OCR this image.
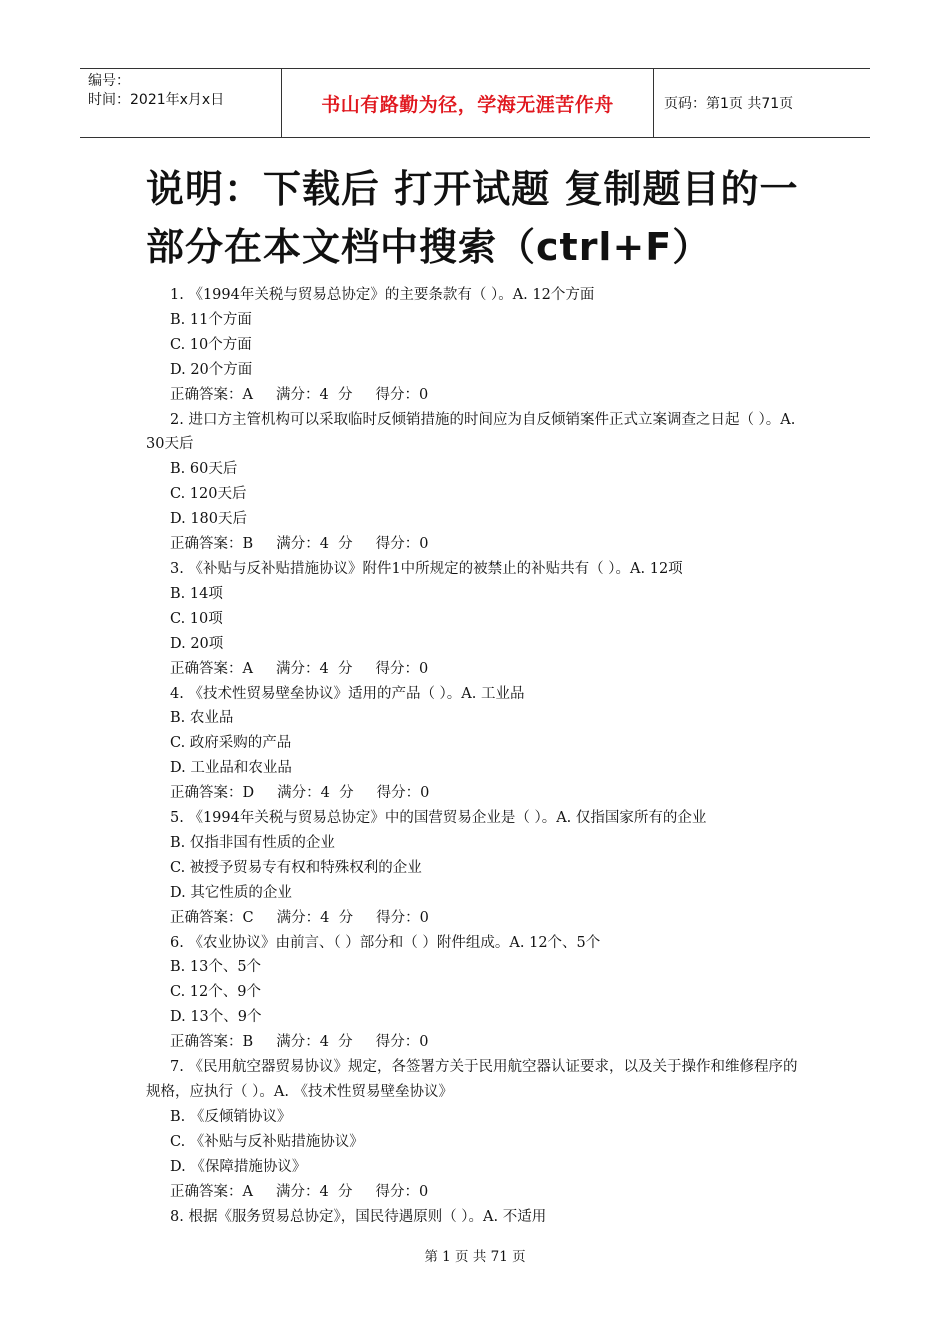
编号：
时间：2021年x月x日	书山有路勤为径，学海无涯苦作舟	页码：第1页 共71页
说明：下载后 打开试题 复制题目的一部分在本文档中搜索（ctrl+F）
1. 《1994年关税与贸易总协定》的主要条款有（ ）。A. 12个方面
B. 11个方面
C. 10个方面
D. 20个方面
正确答案：A     满分：4  分     得分：0
2. 进口方主管机构可以采取临时反倾销措施的时间应为自反倾销案件正式立案调查之日起（ ）。A. 30天后
B. 60天后
C. 120天后
D. 180天后
正确答案：B     满分：4  分     得分：0
3. 《补贴与反补贴措施协议》附件1中所规定的被禁止的补贴共有（ ）。A. 12项
B. 14项
C. 10项
D. 20项
正确答案：A     满分：4  分     得分：0
4. 《技术性贸易壁垒协议》适用的产品（ ）。A. 工业品
B. 农业品
C. 政府采购的产品
D. 工业品和农业品
正确答案：D     满分：4  分     得分：0
5. 《1994年关税与贸易总协定》中的国营贸易企业是（ ）。A. 仅指国家所有的企业
B. 仅指非国有性质的企业
C. 被授予贸易专有权和特殊权利的企业
D. 其它性质的企业
正确答案：C     满分：4  分     得分：0
6. 《农业协议》由前言、（ ）部分和（ ）附件组成。A. 12个、5个
B. 13个、5个
C. 12个、9个
D. 13个、9个
正确答案：B     满分：4  分     得分：0
7. 《民用航空器贸易协议》规定，各签署方关于民用航空器认证要求，以及关于操作和维修程序的规格，应执行（ ）。A. 《技术性贸易壁垒协议》
B. 《反倾销协议》
C. 《补贴与反补贴措施协议》
D. 《保障措施协议》
正确答案：A     满分：4  分     得分：0
8. 根据《服务贸易总协定》，国民待遇原则（ ）。A. 不适用
第 1 页 共 71 页
